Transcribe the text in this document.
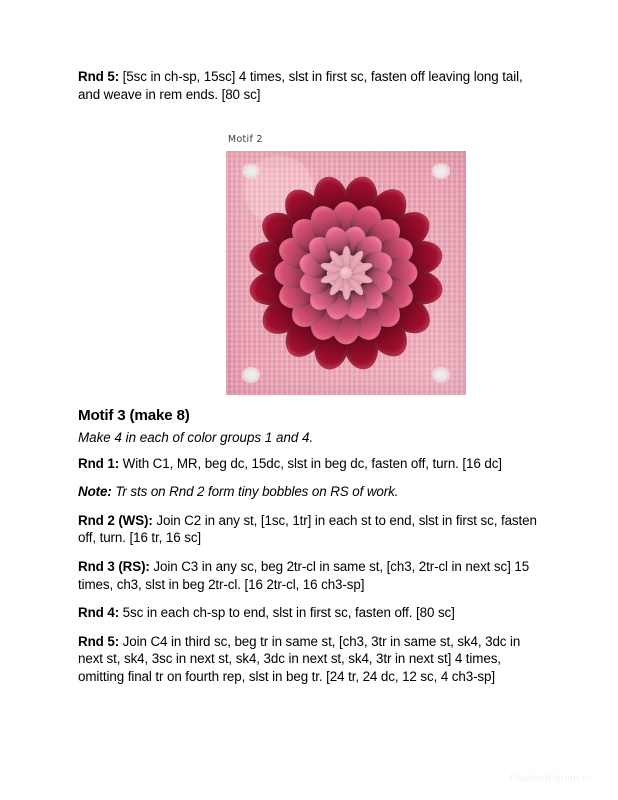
Rnd 5: [5sc in ch-sp, 15sc] 4 times, slst in first sc, fasten off leaving long tail, and weave in rem ends. [80 sc]

Motif 2
Motif 3 (make 8)

Make 4 in each of color groups 1 and 4.

Rnd 1: With C1, MR, beg dc, 15dc, slst in beg dc, fasten off, turn. [16 dc]

Note: Tr sts on Rnd 2 form tiny bobbles on RS of work.

Rnd 2 (WS): Join C2 in any st, [1sc, 1tr] in each st to end, slst in first sc, fasten off, turn. [16 tr, 16 sc]

Rnd 3 (RS): Join C3 in any sc, beg 2tr-cl in same st, [ch3, 2tr-cl in next sc] 15 times, ch3, slst in beg 2tr-cl. [16 2tr-cl, 16 ch3-sp]

Rnd 4: 5sc in each ch-sp to end, slst in first sc, fasten off. [80 sc]

Rnd 5: Join C4 in third sc, beg tr in same st, [ch3, 3tr in same st, sk4, 3dc in next st, sk4, 3sc in next st, sk4, 3dc in next st, sk4, 3tr in next st] 4 times, omitting final tr on fourth rep, slst in beg tr. [24 tr, 24 dc, 12 sc, 4 ch3-sp]

PassionForum.ru
